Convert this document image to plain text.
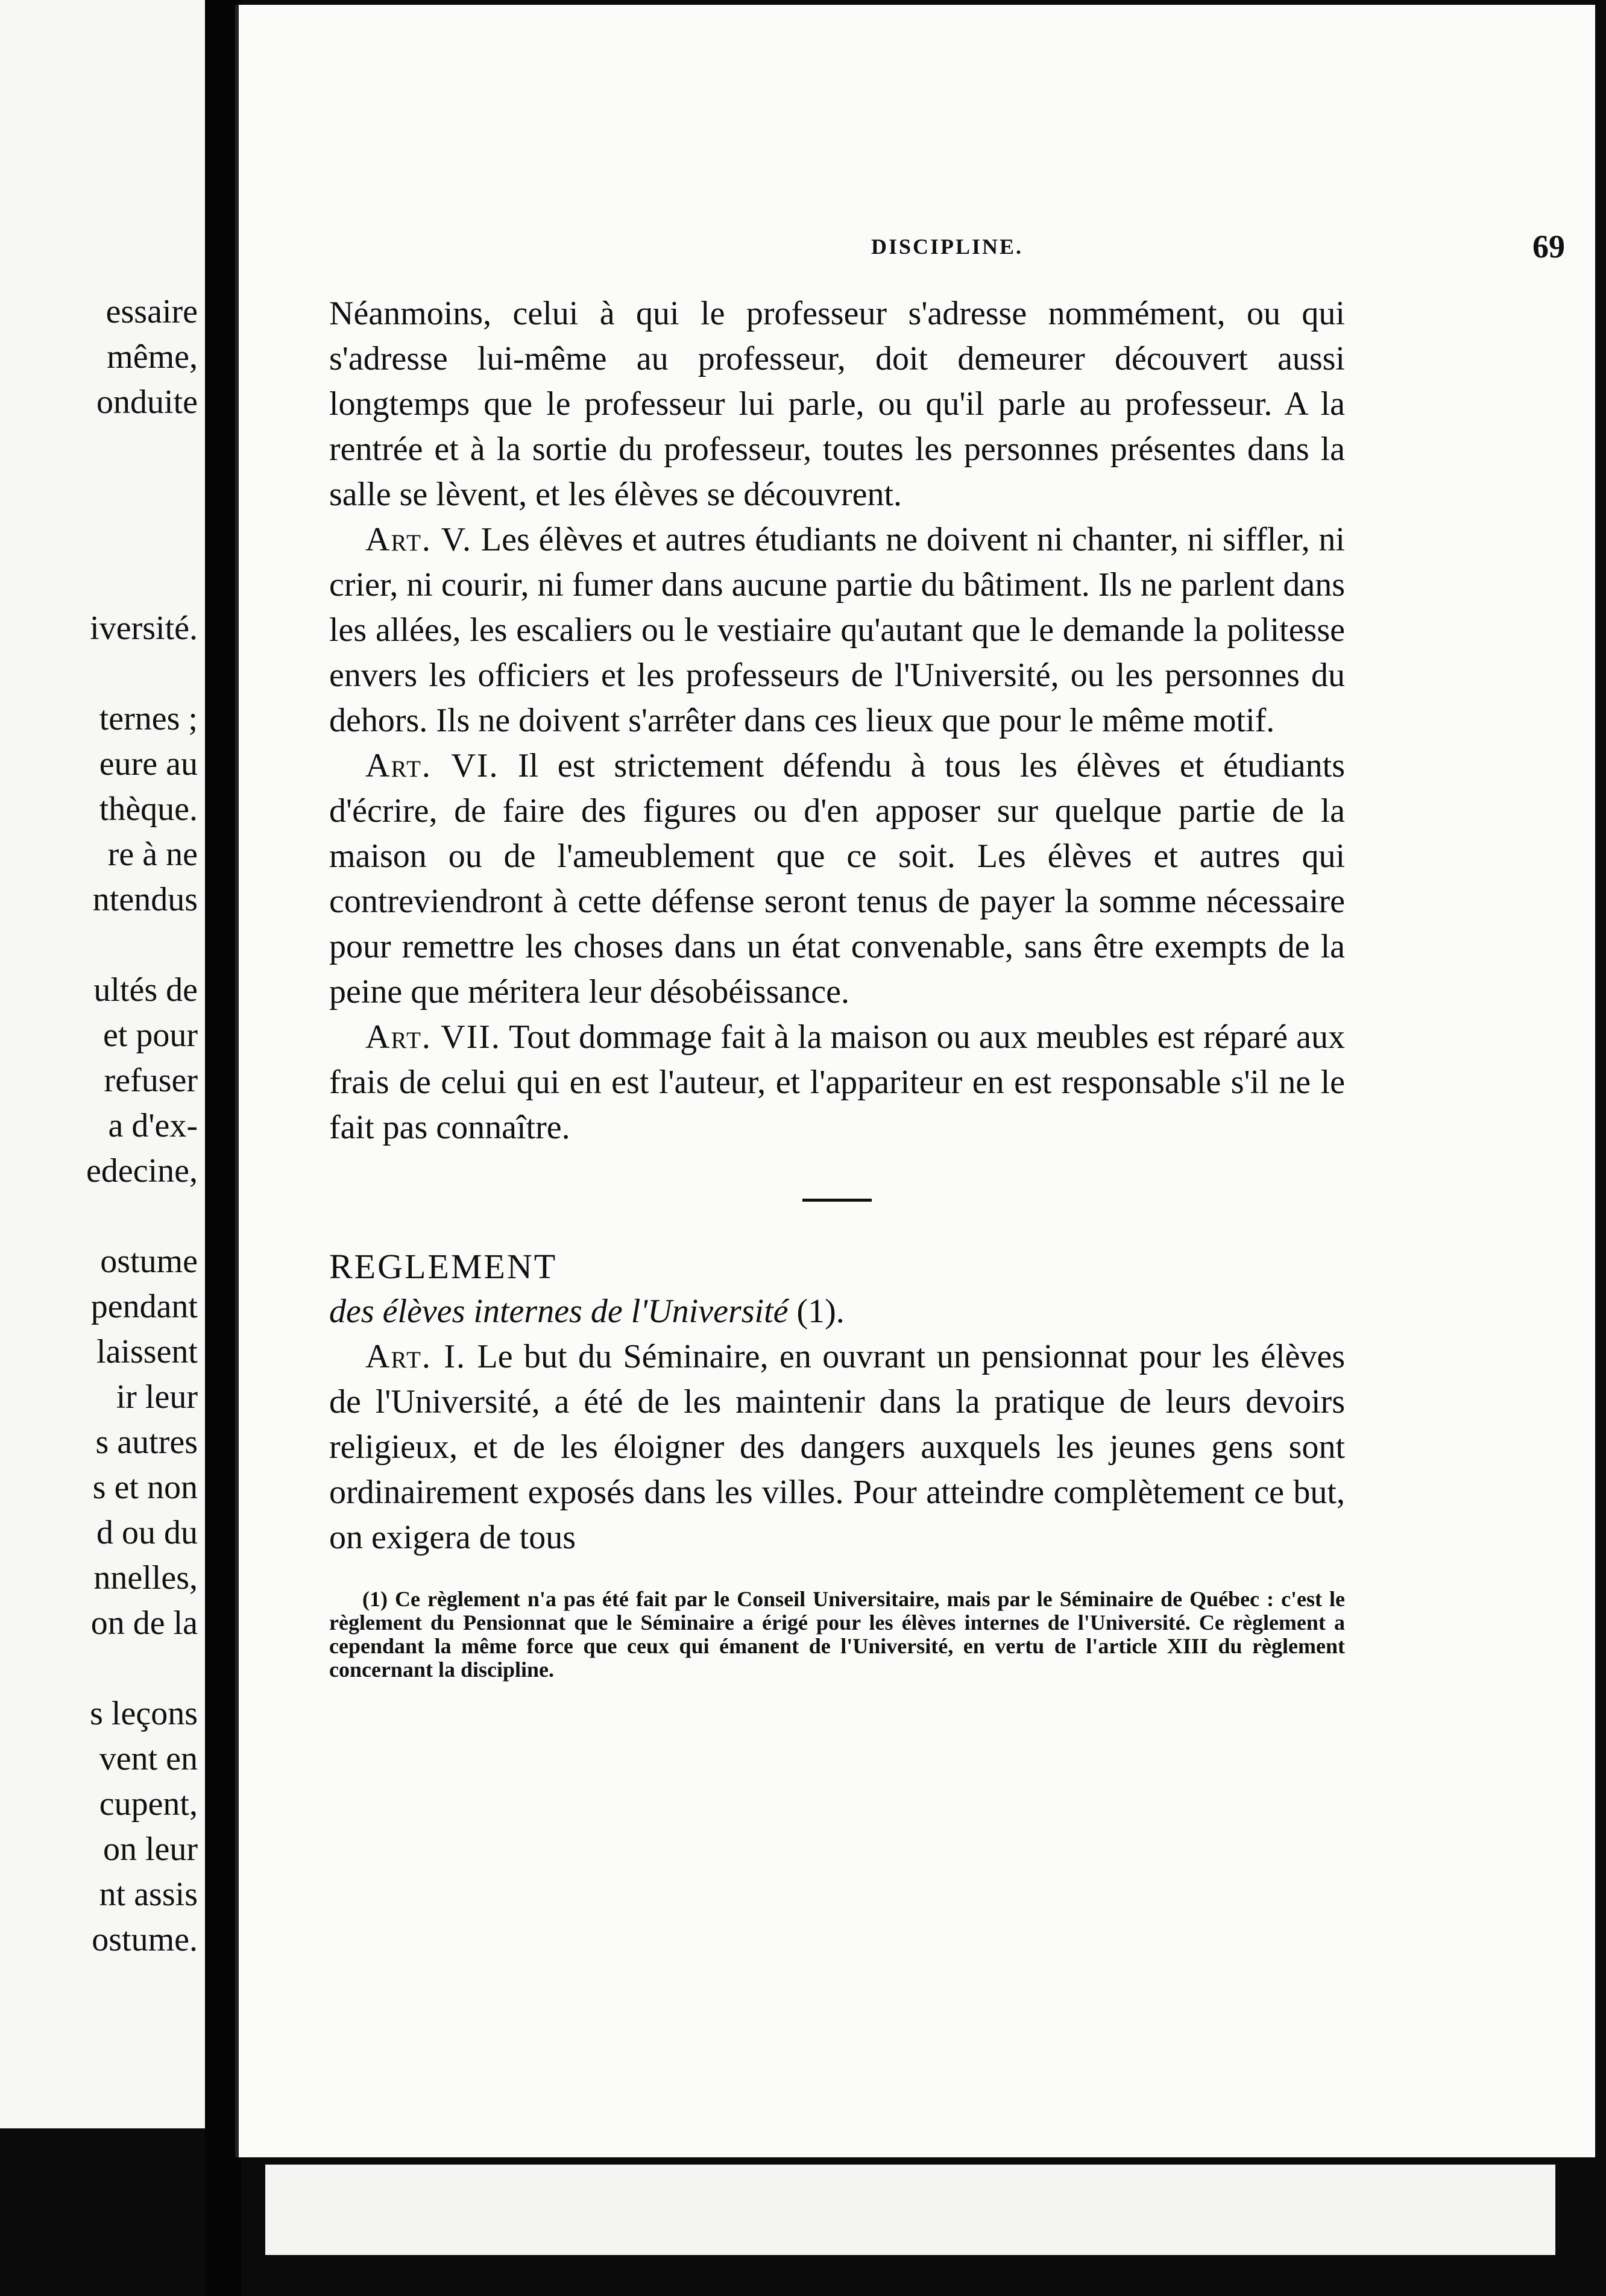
essaire
même,
onduite

iversité.

ternes ;
eure au
thèque.
re à ne
ntendus

ultés de
et pour
refuser
a d'ex-
edecine,

ostume
pendant
laissent
ir leur
s autres
s et non
d ou du
nnelles,
on de la

s leçons
vent en
cupent,
on leur
nt assis
ostume.
DISCIPLINE.	69

Néanmoins, celui à qui le professeur s'adresse nommément, ou qui s'adresse lui-même au professeur, doit demeurer découvert aussi longtemps que le professeur lui parle, ou qu'il parle au professeur. A la rentrée et à la sortie du professeur, toutes les personnes présentes dans la salle se lèvent, et les élèves se découvrent.

Art. V. Les élèves et autres étudiants ne doivent ni chanter, ni siffler, ni crier, ni courir, ni fumer dans aucune partie du bâtiment. Ils ne parlent dans les allées, les escaliers ou le vestiaire qu'autant que le demande la politesse envers les officiers et les professeurs de l'Université, ou les personnes du dehors. Ils ne doivent s'arrêter dans ces lieux que pour le même motif.

Art. VI. Il est strictement défendu à tous les élèves et étudiants d'écrire, de faire des figures ou d'en apposer sur quelque partie de la maison ou de l'ameublement que ce soit. Les élèves et autres qui contreviendront à cette défense seront tenus de payer la somme nécessaire pour remettre les choses dans un état convenable, sans être exempts de la peine que méritera leur désobéissance.

Art. VII. Tout dommage fait à la maison ou aux meubles est réparé aux frais de celui qui en est l'auteur, et l'appariteur en est responsable s'il ne le fait pas connaître.

REGLEMENT

des élèves internes de l'Université (1).

Art. I. Le but du Séminaire, en ouvrant un pensionnat pour les élèves de l'Université, a été de les maintenir dans la pratique de leurs devoirs religieux, et de les éloigner des dangers auxquels les jeunes gens sont ordinairement exposés dans les villes. Pour atteindre complètement ce but, on exigera de tous

(1) Ce règlement n'a pas été fait par le Conseil Universitaire, mais par le Séminaire de Québec : c'est le règlement du Pensionnat que le Séminaire a érigé pour les élèves internes de l'Université. Ce règlement a cependant la même force que ceux qui émanent de l'Université, en vertu de l'article XIII du règlement concernant la discipline.
